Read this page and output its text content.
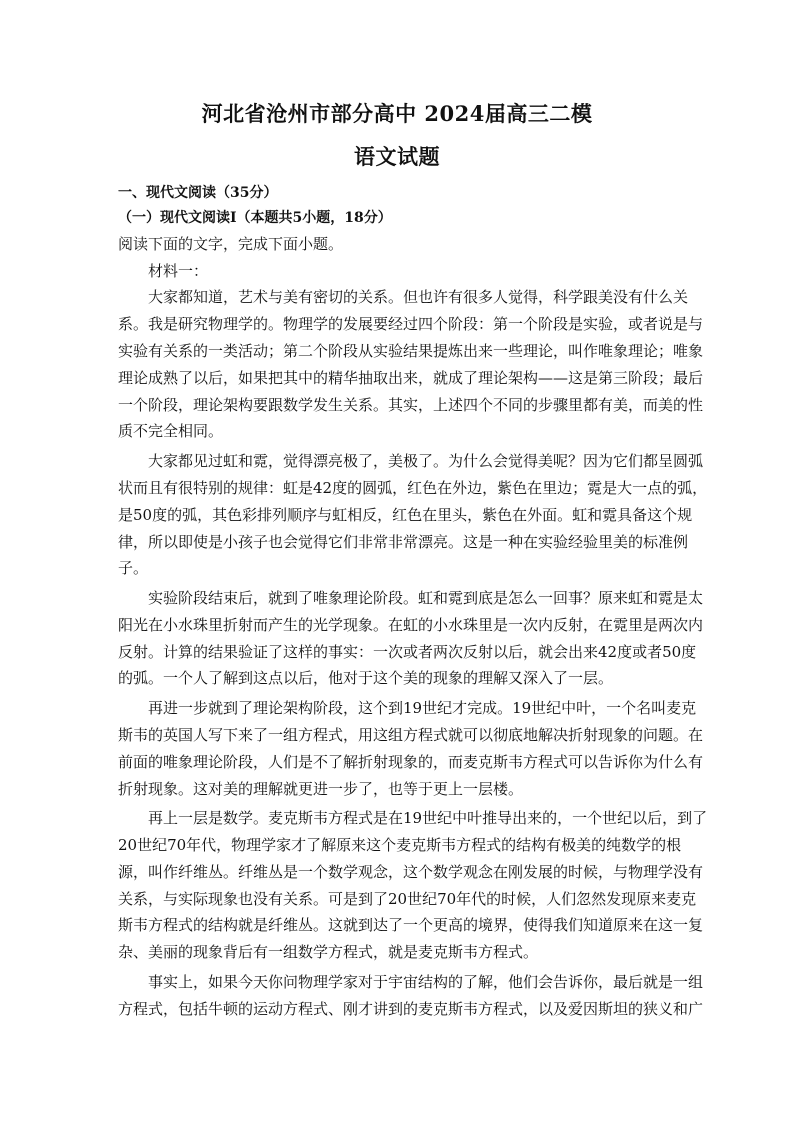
河北省沧州市部分高中 2024届高三二模
语文试题
一、现代文阅读（35分）
（一）现代文阅读Ⅰ（本题共5小题，18分）
阅读下面的文字，完成下面小题。
材料一：
大家都知道，艺术与美有密切的关系。但也许有很多人觉得，科学跟美没有什么关
系。我是研究物理学的。物理学的发展要经过四个阶段：第一个阶段是实验，或者说是与
实验有关系的一类活动；第二个阶段从实验结果提炼出来一些理论，叫作唯象理论；唯象
理论成熟了以后，如果把其中的精华抽取出来，就成了理论架构——这是第三阶段；最后
一个阶段，理论架构要跟数学发生关系。其实，上述四个不同的步骤里都有美，而美的性
质不完全相同。
大家都见过虹和霓，觉得漂亮极了，美极了。为什么会觉得美呢？因为它们都呈圆弧
状而且有很特别的规律：虹是42度的圆弧，红色在外边，紫色在里边；霓是大一点的弧，
是50度的弧，其色彩排列顺序与虹相反，红色在里头，紫色在外面。虹和霓具备这个规
律，所以即使是小孩子也会觉得它们非常非常漂亮。这是一种在实验经验里美的标准例
子。
实验阶段结束后，就到了唯象理论阶段。虹和霓到底是怎么一回事？原来虹和霓是太
阳光在小水珠里折射而产生的光学现象。在虹的小水珠里是一次内反射，在霓里是两次内
反射。计算的结果验证了这样的事实：一次或者两次反射以后，就会出来42度或者50度
的弧。一个人了解到这点以后，他对于这个美的现象的理解又深入了一层。
再进一步就到了理论架构阶段，这个到19世纪才完成。19世纪中叶，一个名叫麦克
斯韦的英国人写下来了一组方程式，用这组方程式就可以彻底地解决折射现象的问题。在
前面的唯象理论阶段，人们是不了解折射现象的，而麦克斯韦方程式可以告诉你为什么有
折射现象。这对美的理解就更进一步了，也等于更上一层楼。
再上一层是数学。麦克斯韦方程式是在19世纪中叶推导出来的，一个世纪以后，到了
20世纪70年代，物理学家才了解原来这个麦克斯韦方程式的结构有极美的纯数学的根
源，叫作纤维丛。纤维丛是一个数学观念，这个数学观念在刚发展的时候，与物理学没有
关系，与实际现象也没有关系。可是到了20世纪70年代的时候，人们忽然发现原来麦克
斯韦方程式的结构就是纤维丛。这就到达了一个更高的境界，使得我们知道原来在这一复
杂、美丽的现象背后有一组数学方程式，就是麦克斯韦方程式。
事实上，如果今天你问物理学家对于宇宙结构的了解，他们会告诉你，最后就是一组
方程式，包括牛顿的运动方程式、刚才讲到的麦克斯韦方程式，以及爱因斯坦的狭义和广
